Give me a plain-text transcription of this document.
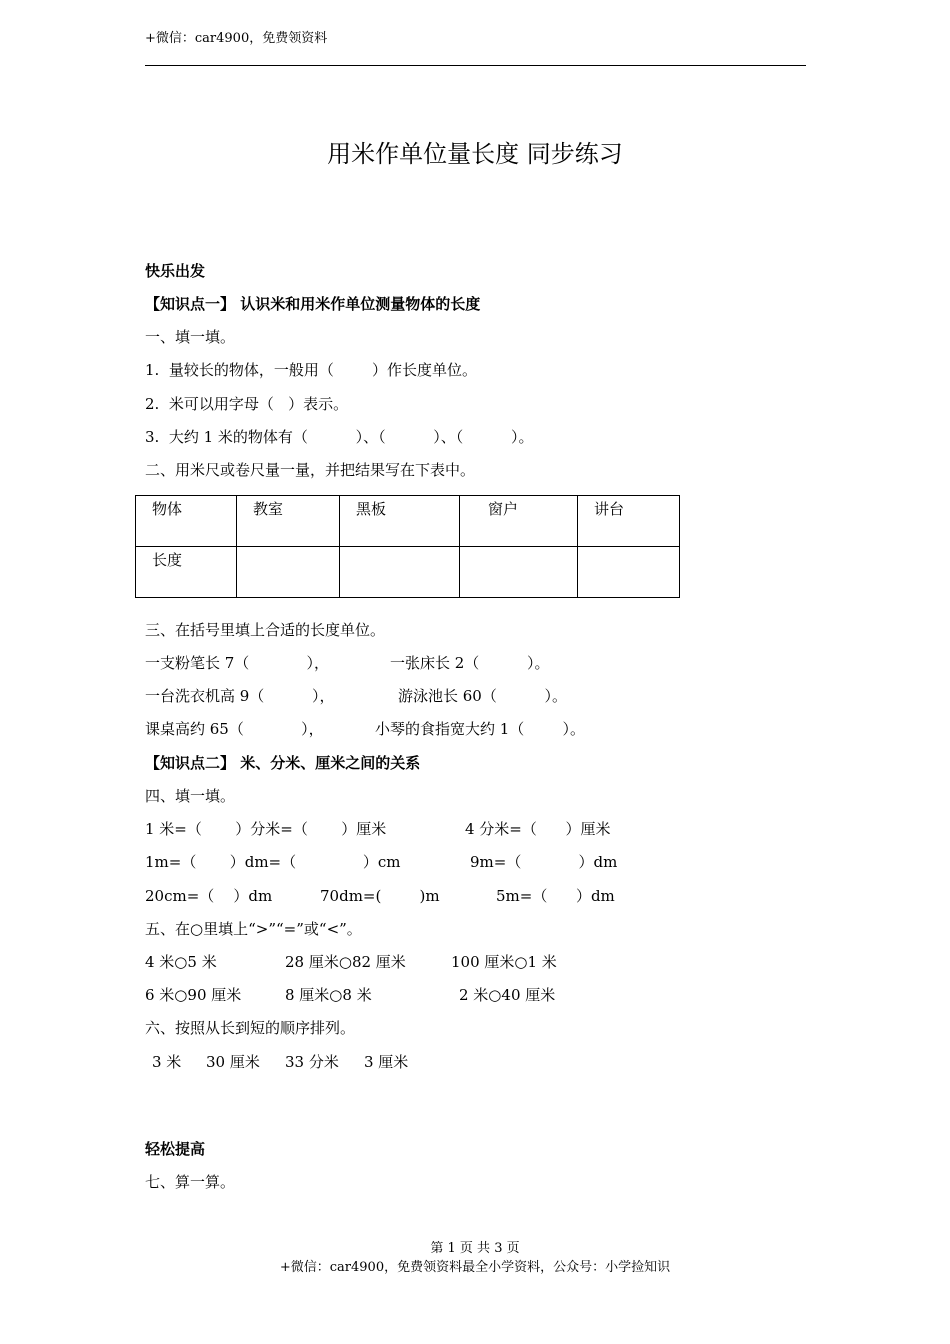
+微信：car4900，免费领资料
用米作单位量长度 同步练习
快乐出发
【知识点一】 认识米和用米作单位测量物体的长度
一、填一填。
1.  量较长的物体，一般用（        ）作长度单位。
2.  米可以用字母（   ）表示。
3.  大约 1 米的物体有（          ）、（          ）、（          ）。
二、用米尺或卷尺量一量，并把结果写在下表中。
物体	教室	黑板	窗户	讲台
长度				
三、在括号里填上合适的长度单位。
一支粉笔长 7（            ），	一张床长 2（          ）。
一台洗衣机高 9（          ），	游泳池长 60（          ）。
课桌高约 65（            ），	小琴的食指宽大约 1（        ）。
【知识点二】 米、分米、厘米之间的关系
四、填一填。
1 米=（       ）分米=（       ）厘米	4 分米=（      ）厘米
1m=（       ）dm=（              ）cm	9m=（            ）dm
20cm=（    ）dm	70dm=(        )m	5m=（      ）dm
五、在○里填上“>”“=”或“<”。
4 米○5 米	28 厘米○82 厘米	100 厘米○1 米
6 米○90 厘米	8 厘米○8 米	2 米○40 厘米
六、按照从长到短的顺序排列。
3 米 30 厘米 33 分米 3 厘米
轻松提高
七、算一算。
第 1 页 共 3 页
+微信：car4900，免费领资料最全小学资料，公众号：小学捡知识
